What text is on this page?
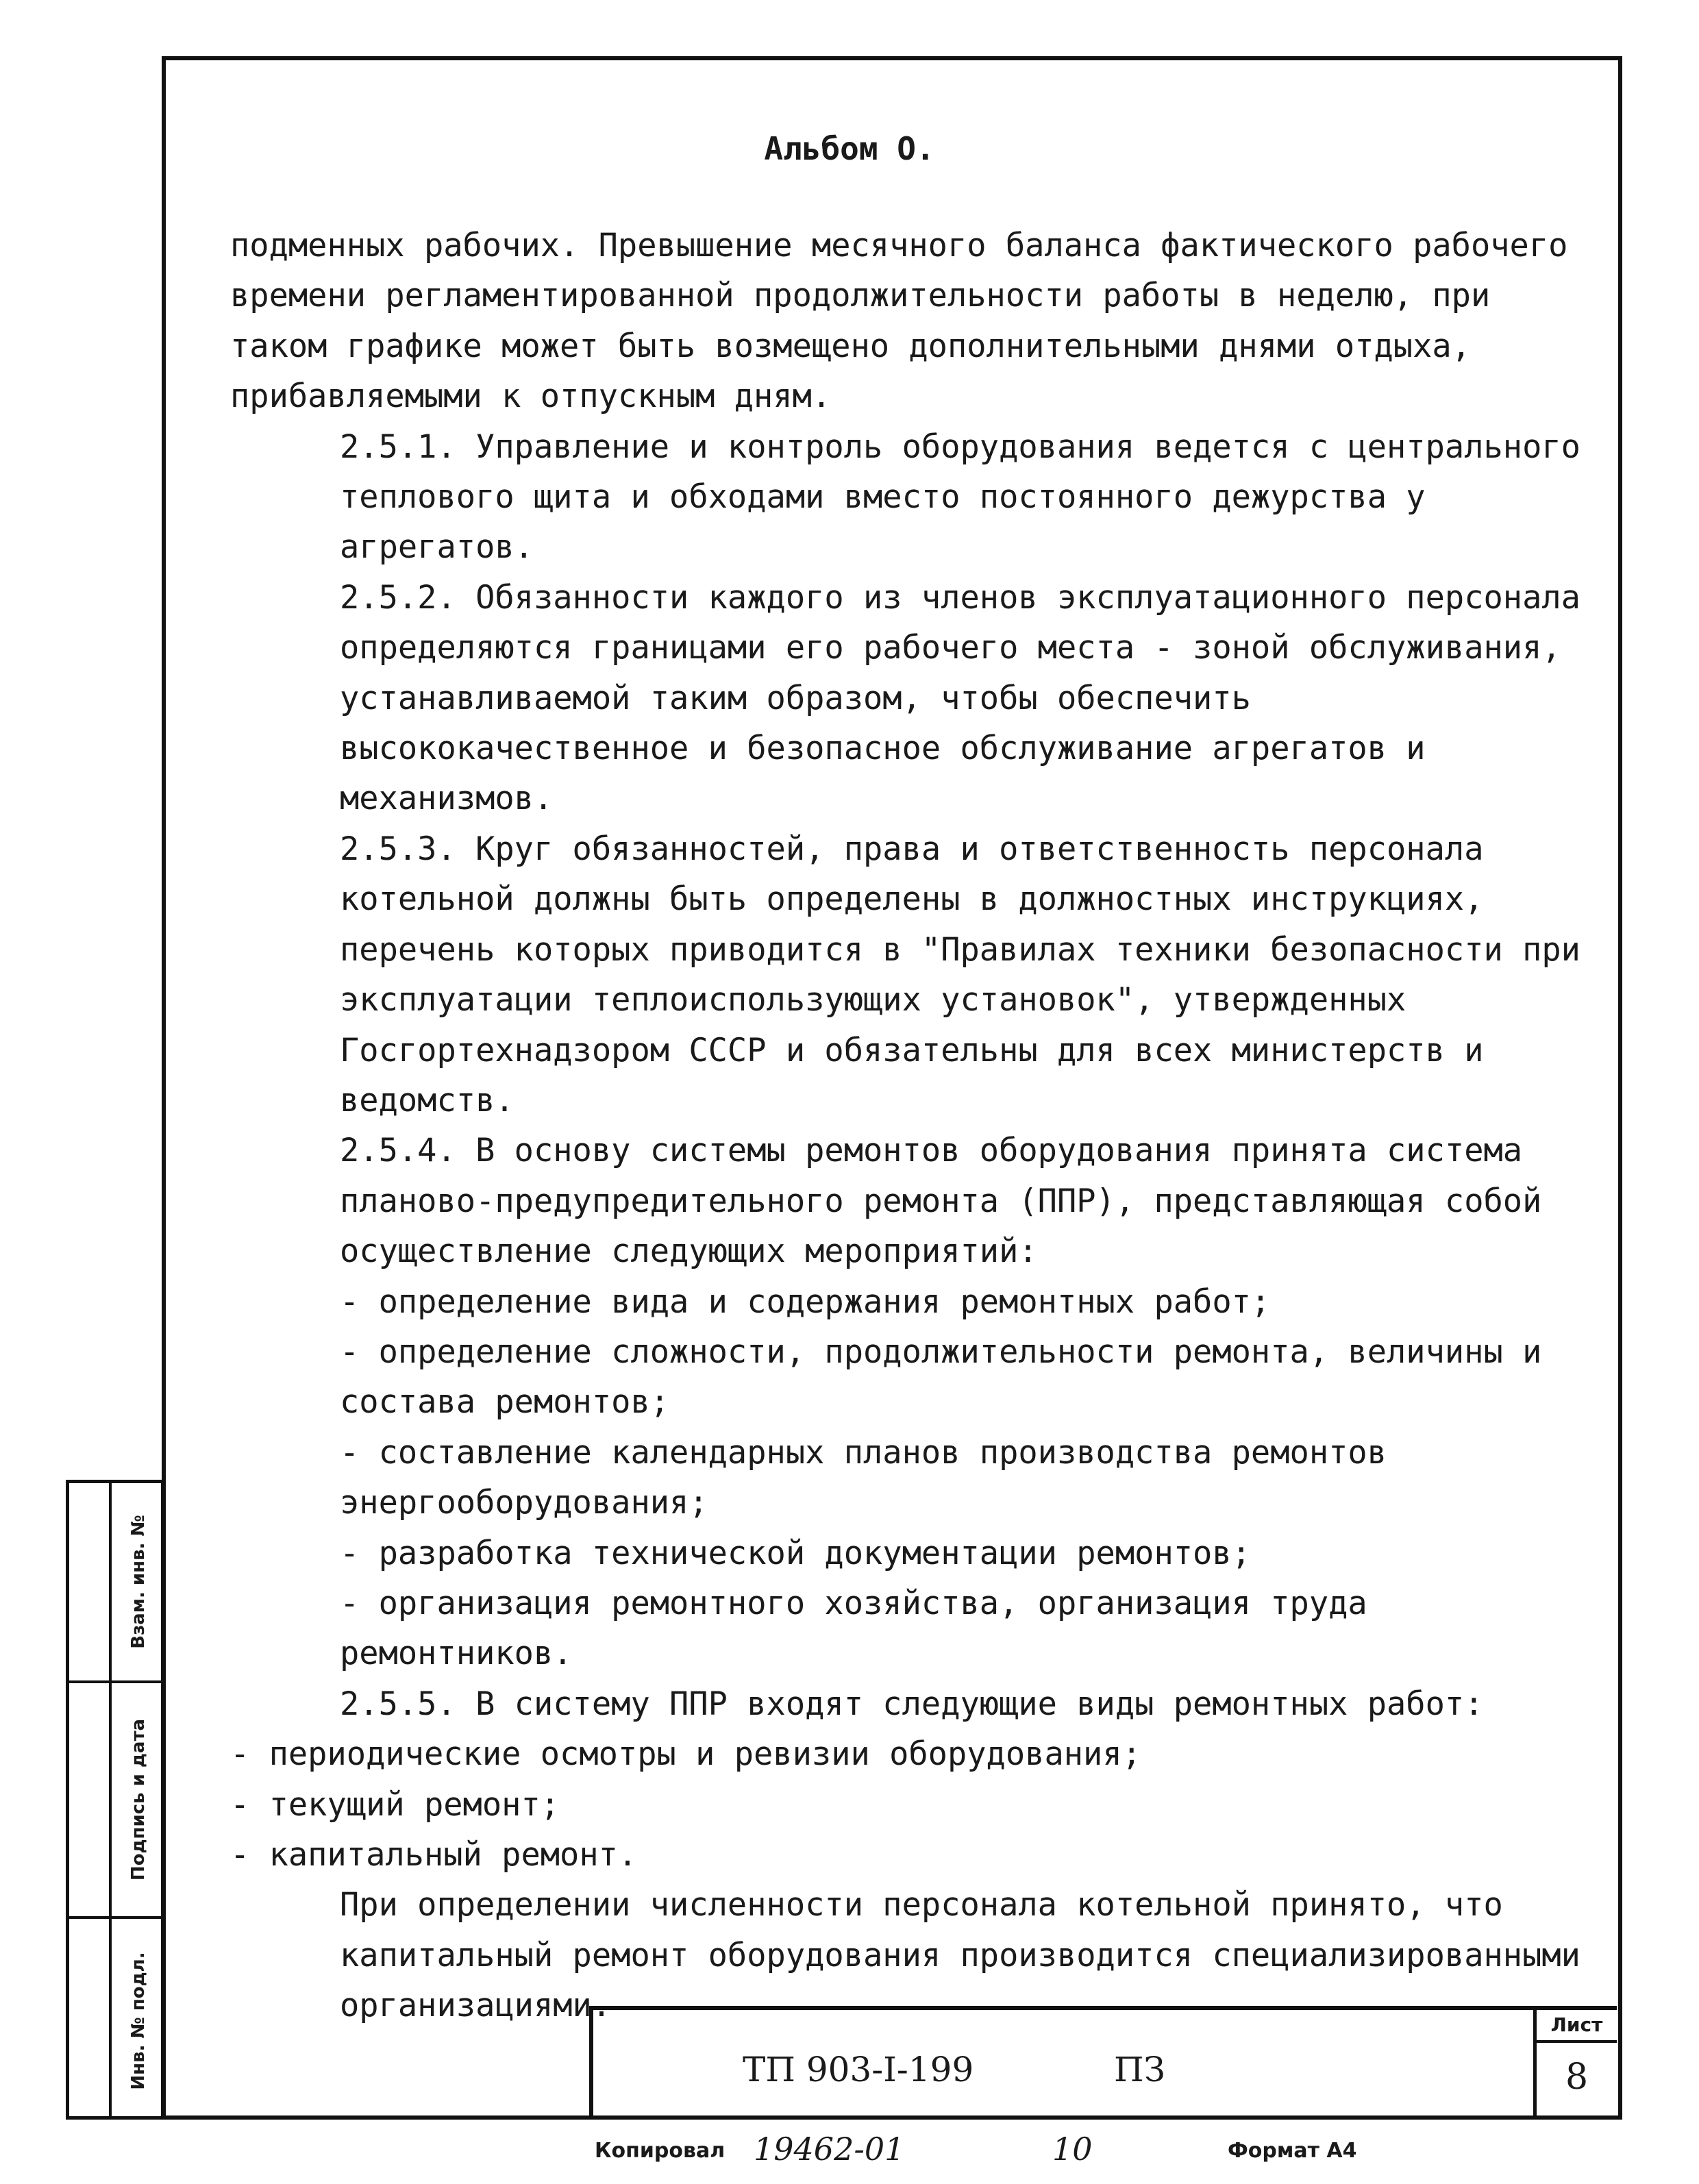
Взам. инв. №
Подпись и дата
Инв. № подл.
Альбом О.

подменных рабочих. Превышение месячного баланса фактического рабочего времени регламентированной продолжительности работы в неделю, при таком графике может быть возмещено дополнительными днями отдыха, прибавляемыми к отпускным дням.

2.5.1. Управление и контроль оборудования ведется с центрального теплового щита и обходами вместо постоянного дежурства у агрегатов.

2.5.2. Обязанности каждого из членов эксплуатационного персонала определяются границами его рабочего места - зоной обслуживания, устанавливаемой таким образом, чтобы обеспечить высококачественное и безопасное обслуживание агрегатов и механизмов.

2.5.3. Круг обязанностей, права и ответственность персонала котельной должны быть определены в должностных инструкциях, перечень которых приводится в "Правилах техники безопасности при эксплуатации теплоиспользующих установок", утвержденных Госгортехнадзором СССР и обязательны для всех министерств и ведомств.

2.5.4. В основу системы ремонтов оборудования принята система планово-предупредительного ремонта (ППР), представляющая собой осуществление следующих мероприятий:

- определение вида и содержания ремонтных работ;

- определение сложности, продолжительности ремонта, величины и состава ремонтов;

- составление календарных планов производства ремонтов энергооборудования;

- разработка технической документации ремонтов;

- организация ремонтного хозяйства, организация труда ремонтников.

2.5.5. В систему ППР входят следующие виды ремонтных работ:

- периодические осмотры и ревизии оборудования;

- текущий ремонт;

- капитальный ремонт.

При определении численности персонала котельной принято, что капитальный ремонт оборудования производится специализированными организациями.

ТП 903-I-199	ПЗ
Лист
8
Копировал 19462-01	10	Формат А4
